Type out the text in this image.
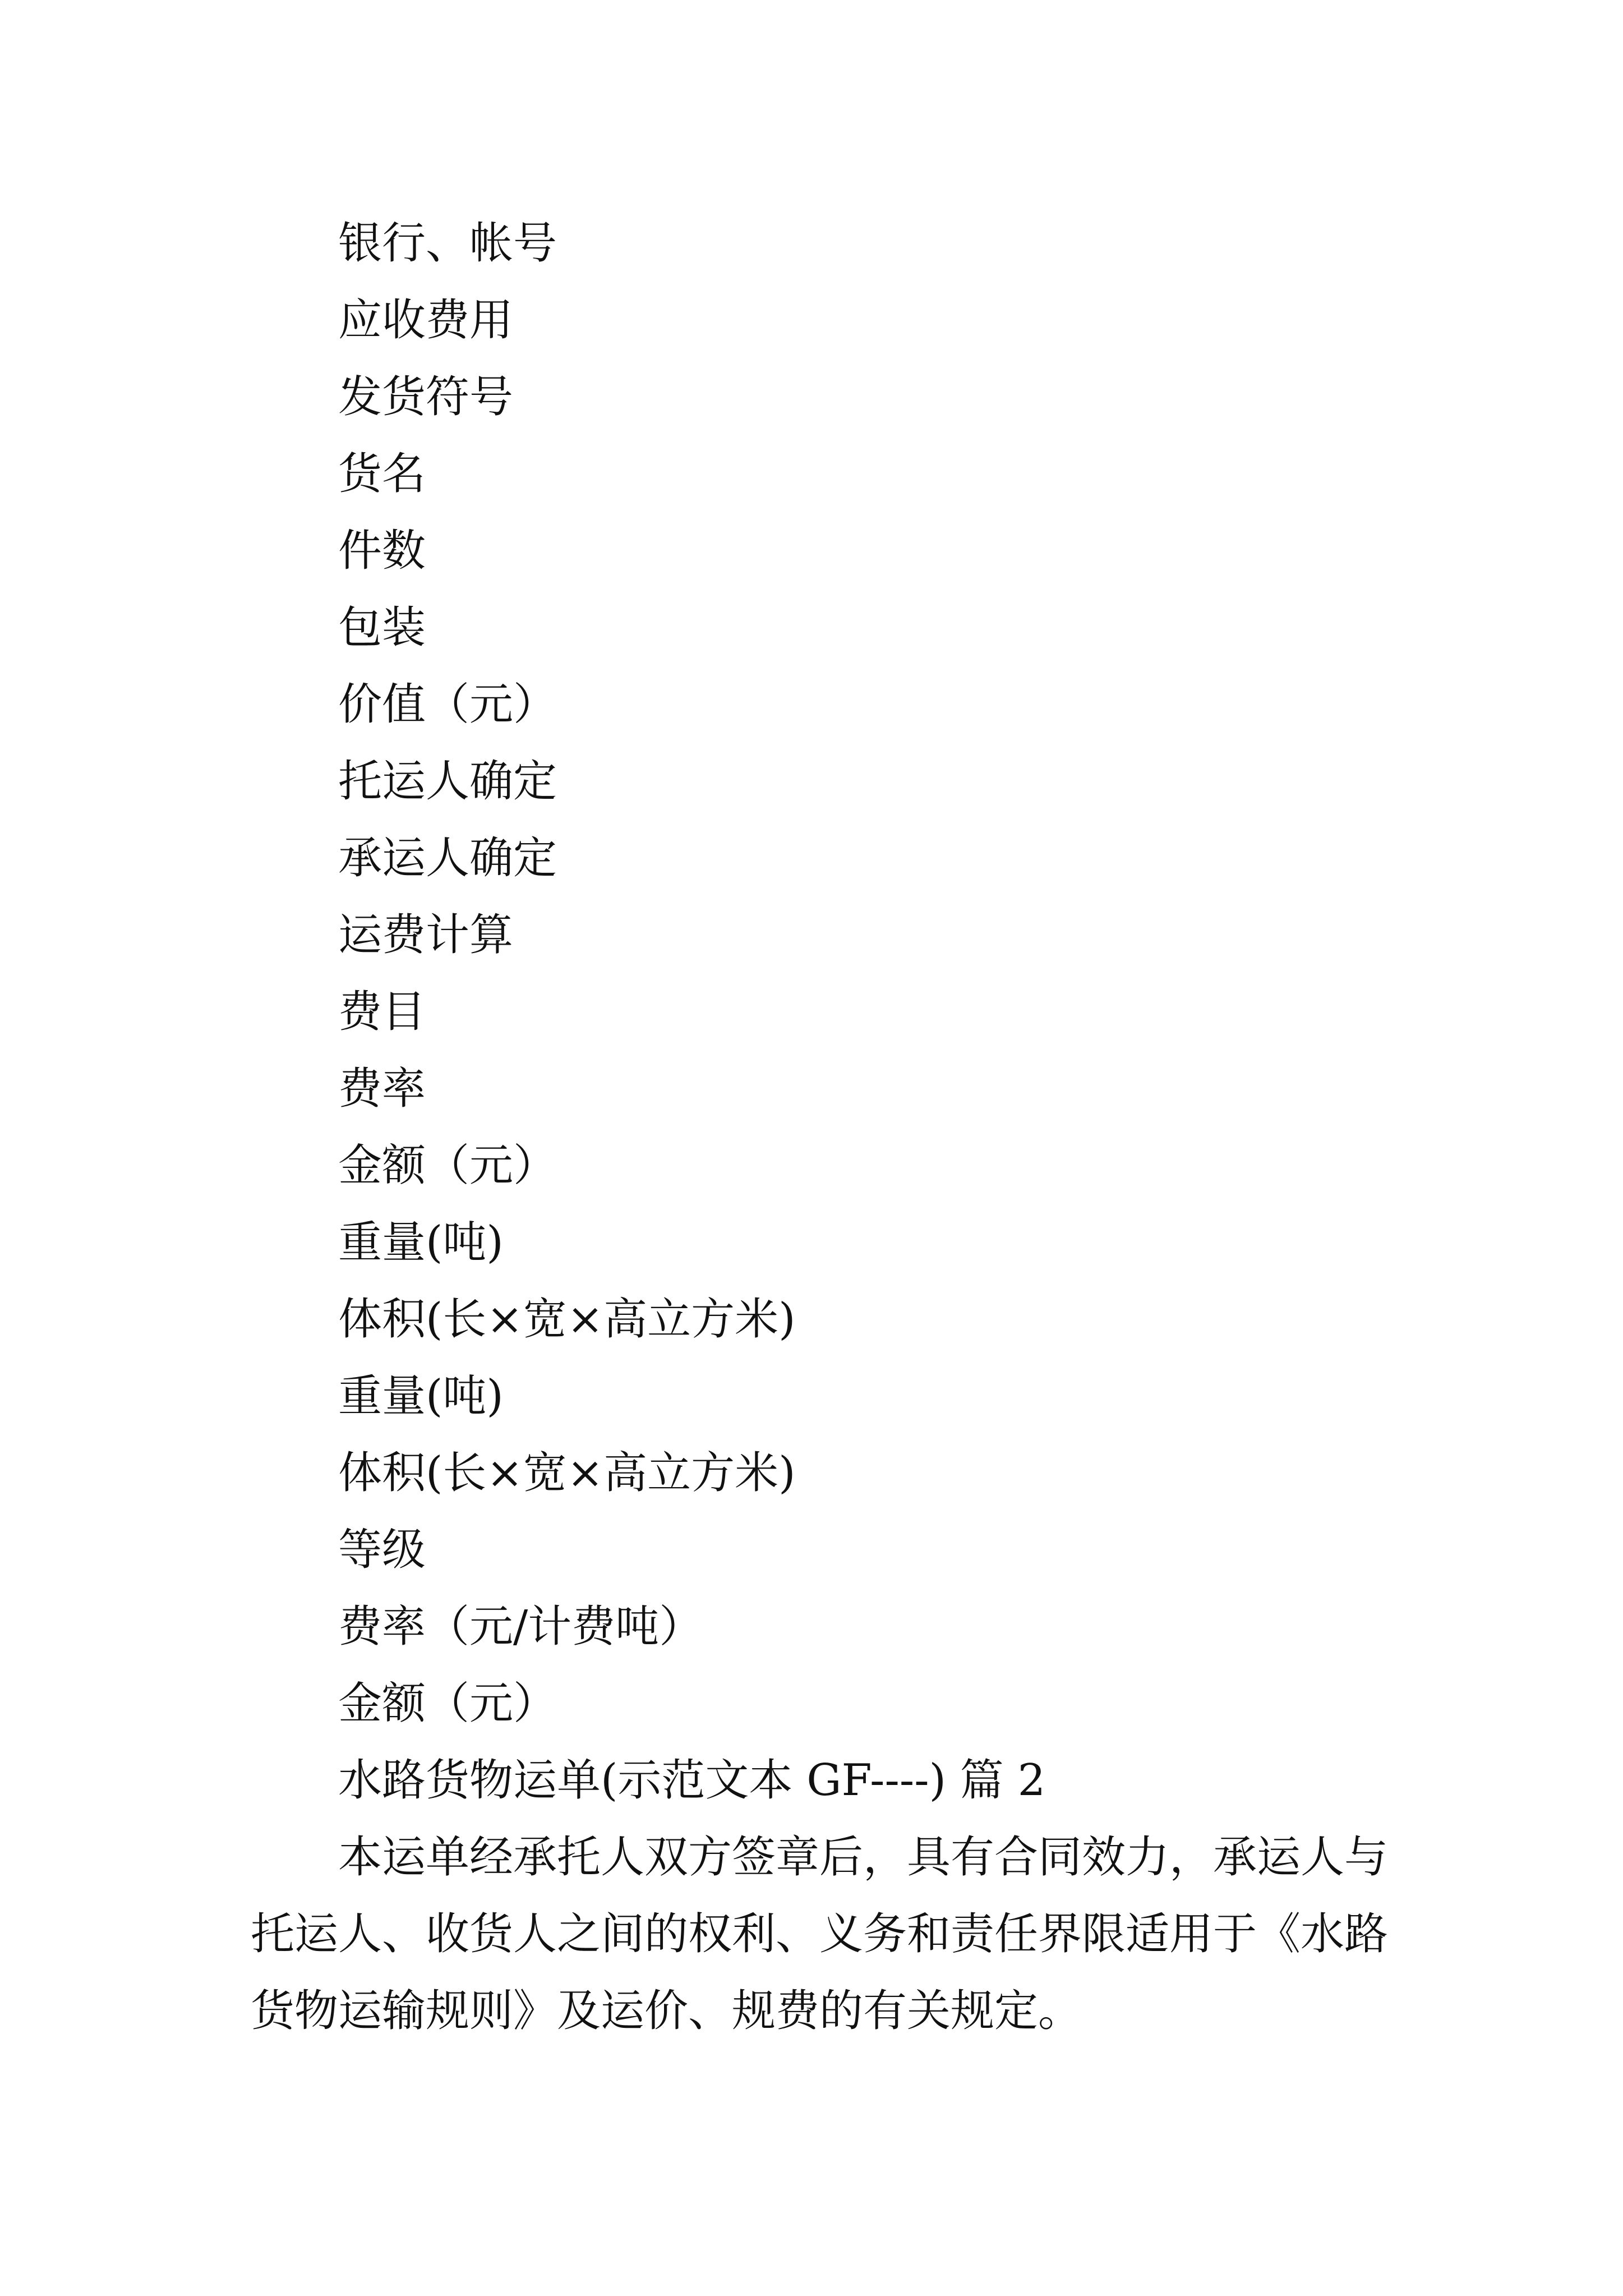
银行、帐号
应收费用
发货符号
货名
件数
包装
价值（元）
托运人确定
承运人确定
运费计算
费目
费率
金额（元）
重量(吨)
体积(长×宽×高立方米)
重量(吨)
体积(长×宽×高立方米)
等级
费率（元/计费吨）
金额（元）
水路货物运单(示范文本 GF----) 篇 2

本运单经承托人双方签章后，具有合同效力，承运人与托运人、收货人之间的权利、义务和责任界限适用于《水路货物运输规则》及运价、规费的有关规定。
